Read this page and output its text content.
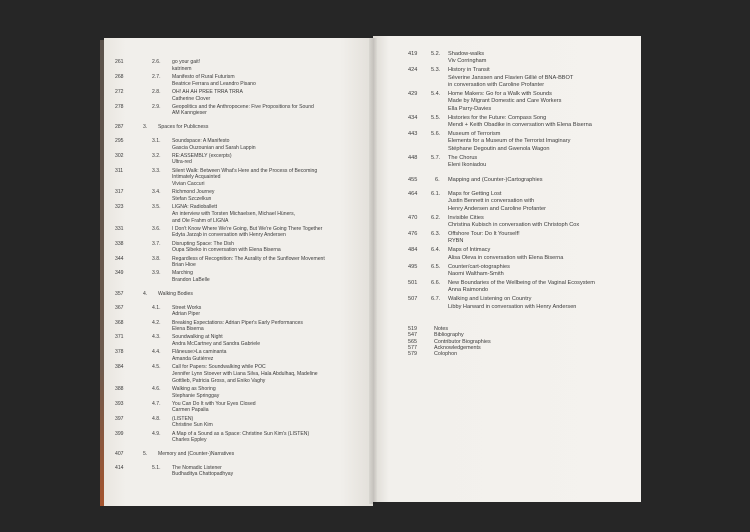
261	2.6. go your gait!
katrinem
268	2.7. Manifesto of Rural Futurism
Beatrice Ferrara and Leandro Pisano
272	2.8. OH! AH AH PREE TRRA TRRA
Catherine Clover
278	2.9. Geopolitics and the Anthropocene: Five Propositions for Sound
AM Kanngieser
287	3. Spaces for Publicness
295	3.1. Soundspace: A Manifesto
Gascia Ouzounian and Sarah Lappin
302	3.2. RE:ASSEMBLY (excerpts)
Ultra-red
311	3.3. Silent Walk: Between What's Here and the Process of Becoming
Intimately Acquainted
Vivian Caccuri
317	3.4. Richmond Journey
Stefan Szczelkun
323	3.5. LIGNA: Radioballett
An interview with Torsten Michaelsen, Michael Hüners,
and Ole Frahm of LIGNA
331	3.6. I Don't Know Where We're Going, But We're Going There Together
Edyta Jarząb in conversation with Henry Andersen
338	3.7. Disrupting Space: The Dish
Oupa Sibeko in conversation with Elena Biserna
344	3.8. Regardless of Recognition: The Aurality of the Sunflower Movement
Brian Hioe
349	3.9. Marching
Brandon LaBelle
357	4. Walking Bodies
367	4.1. Street Works
Adrian Piper
368	4.2. Breaking Expectations: Adrian Piper's Early Performances
Elena Biserna
371	4.3. Soundwalking at Night
Andra McCartney and Sandra Gabriele
378	4.4. Flâneuse>La caminanta
Amanda Gutiérrez
384	4.5. Call for Papers: Soundwalking while POC
Jennifer Lynn Stoever with Liana Silva, Hala Abdulhaq, Madeline
Gottlieb, Patricia Gross, and Eniko Vaghy
388	4.6. Walking as Shoring
Stephanie Springgay
393	4.7. You Can Do It with Your Eyes Closed
Carmen Papalia
397	4.8. (LISTEN)
Christine Sun Kim
399	4.9. A Map of a Sound as a Space: Christine Sun Kim's (LISTEN)
Charles Eppley
407	5. Memory and (Counter-)Narratives
414	5.1. The Nomadic Listener
Budhaditya Chattopadhyay
419 5.2. Shadow-walks
Viv Corringham
424 5.3. History in Transit
Séverine Janssen and Flavien Gillié of BNA-BBOT
in conversation with Caroline Profanter
429 5.4. Home Makers: Go for a Walk with Sounds
Made by Migrant Domestic and Care Workers
Ella Parry-Davies
434 5.5. Histories for the Future: Compass Song
Mendi + Keith Obadike in conversation with Elena Biserna
443 5.6. Museum of Terrorism
Elements for a Museum of the Terrorist Imaginary
Stéphane Degoutin and Gwenola Wagon
448 5.7. The Chorus
Eleni Ikoniadou
455	6. Mapping and (Counter-)Cartographies
464 6.1. Maps for Getting Lost
Justin Bennett in conversation with
Henry Andersen and Caroline Profanter
470 6.2. Invisible Cities
Christina Kubisch in conversation with Christoph Cox
476 6.3. Offshore Tour: Do It Yourself!
RYBN
484 6.4. Maps of Intimacy
Alisa Oleva in conversation with Elena Biserna
495 6.5. Counter/cart-otographies
Naomi Waltham-Smith
501 6.6. New Boundaries of the Wellbeing of the Vaginal Ecosystem
Anna Raimondo
507 6.7. Walking and Listening on Country
Libby Harward in conversation with Henry Andersen
519	Notes
547	Bibliography
565	Contributor Biographies
577	Acknowledgements
579	Colophon
